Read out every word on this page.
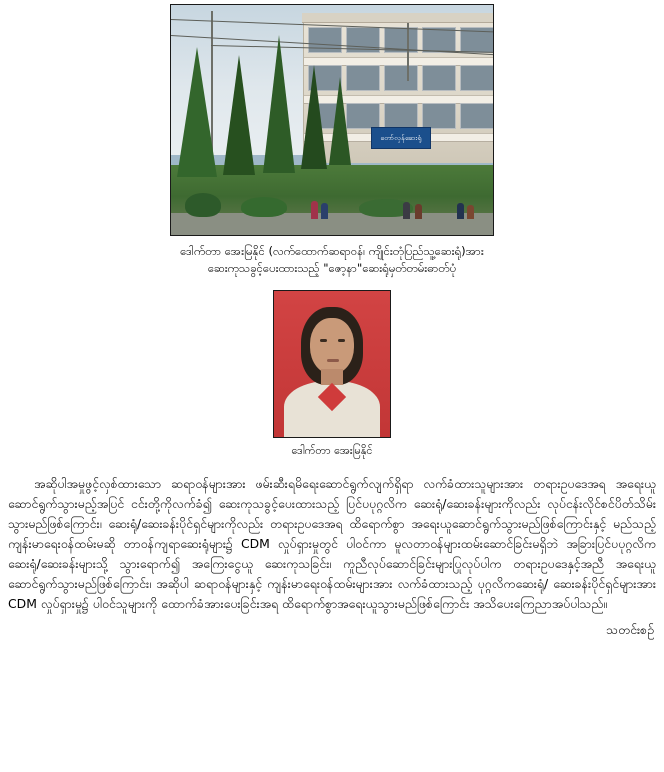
တော်လှန်ဆေးရုံ
ဒေါက်တာ အေးမြနိုင် (လက်ထောက်ဆရာဝန်၊ ကျိုင်းတုံပြည်သူ့ဆေးရုံ)အား
ဆေးကုသခွင့်ပေးထားသည့် "ဇော့နာ"ဆေးရုံမှတ်တမ်းဓာတ်ပုံ
ဒေါက်တာ အေးမြနိုင်
အဆိုပါအမှုဖွင့်လှစ်ထားသော ဆရာဝန်များအား ဖမ်းဆီးရမိရေးဆောင်ရွက်လျက်ရှိရာ လက်ခံထားသူများအား တရားဥပဒေအရ အရေးယူဆောင်ရွက်သွားမည့်အပြင် ငင်းတို့ကိုလက်ခံ၍ ဆေးကုသခွင့်ပေးထားသည့် ပြင်ပပုဂ္ဂလိက ဆေးရုံ/ဆေးခန်းများကိုလည်း လုပ်ငန်းလိုင်စင်ပိတ်သိမ်းသွားမည်ဖြစ်ကြောင်း၊ ဆေးရုံ/ဆေးခန်းပိုင်ရှင်များကိုလည်း တရားဥပဒေအရ ထိရောက်စွာ အရေးယူဆောင်ရွက်သွားမည်ဖြစ်ကြောင်းနှင့် မည်သည့်ကျန်းမာရေးဝန်ထမ်းမဆို တာဝန်ကျရာဆေးရုံများ၌ CDM လှုပ်ရှားမှုတွင် ပါဝင်ကာ မူလတာဝန်များထမ်းဆောင်ခြင်းမရှိဘဲ အခြားပြင်ပပုဂ္ဂလိက ဆေးရုံ/ဆေးခန်းများသို့ သွားရောက်၍ အကြေးငွေယူ ဆေးကုသခြင်း၊ ကူညီလုပ်ဆောင်ခြင်းများပြုလုပ်ပါက တရားဥပဒေနှင့်အညီ အရေးယူဆောင်ရွက်သွားမည်ဖြစ်ကြောင်း၊ အဆိုပါ ဆရာဝန်များနှင့် ကျန်းမာရေးဝန်ထမ်းများအား လက်ခံထားသည့် ပုဂ္ဂလိကဆေးရုံ/ ဆေးခန်းပိုင်ရှင်များအား CDM လှုပ်ရှားမှု၌ ပါဝင်သူများကို ထောက်ခံအားပေးခြင်းအရ ထိရောက်စွာအရေးယူသွားမည်ဖြစ်ကြောင်း အသိပေးကြေညာအပ်ပါသည်။
သတင်းစဉ်
